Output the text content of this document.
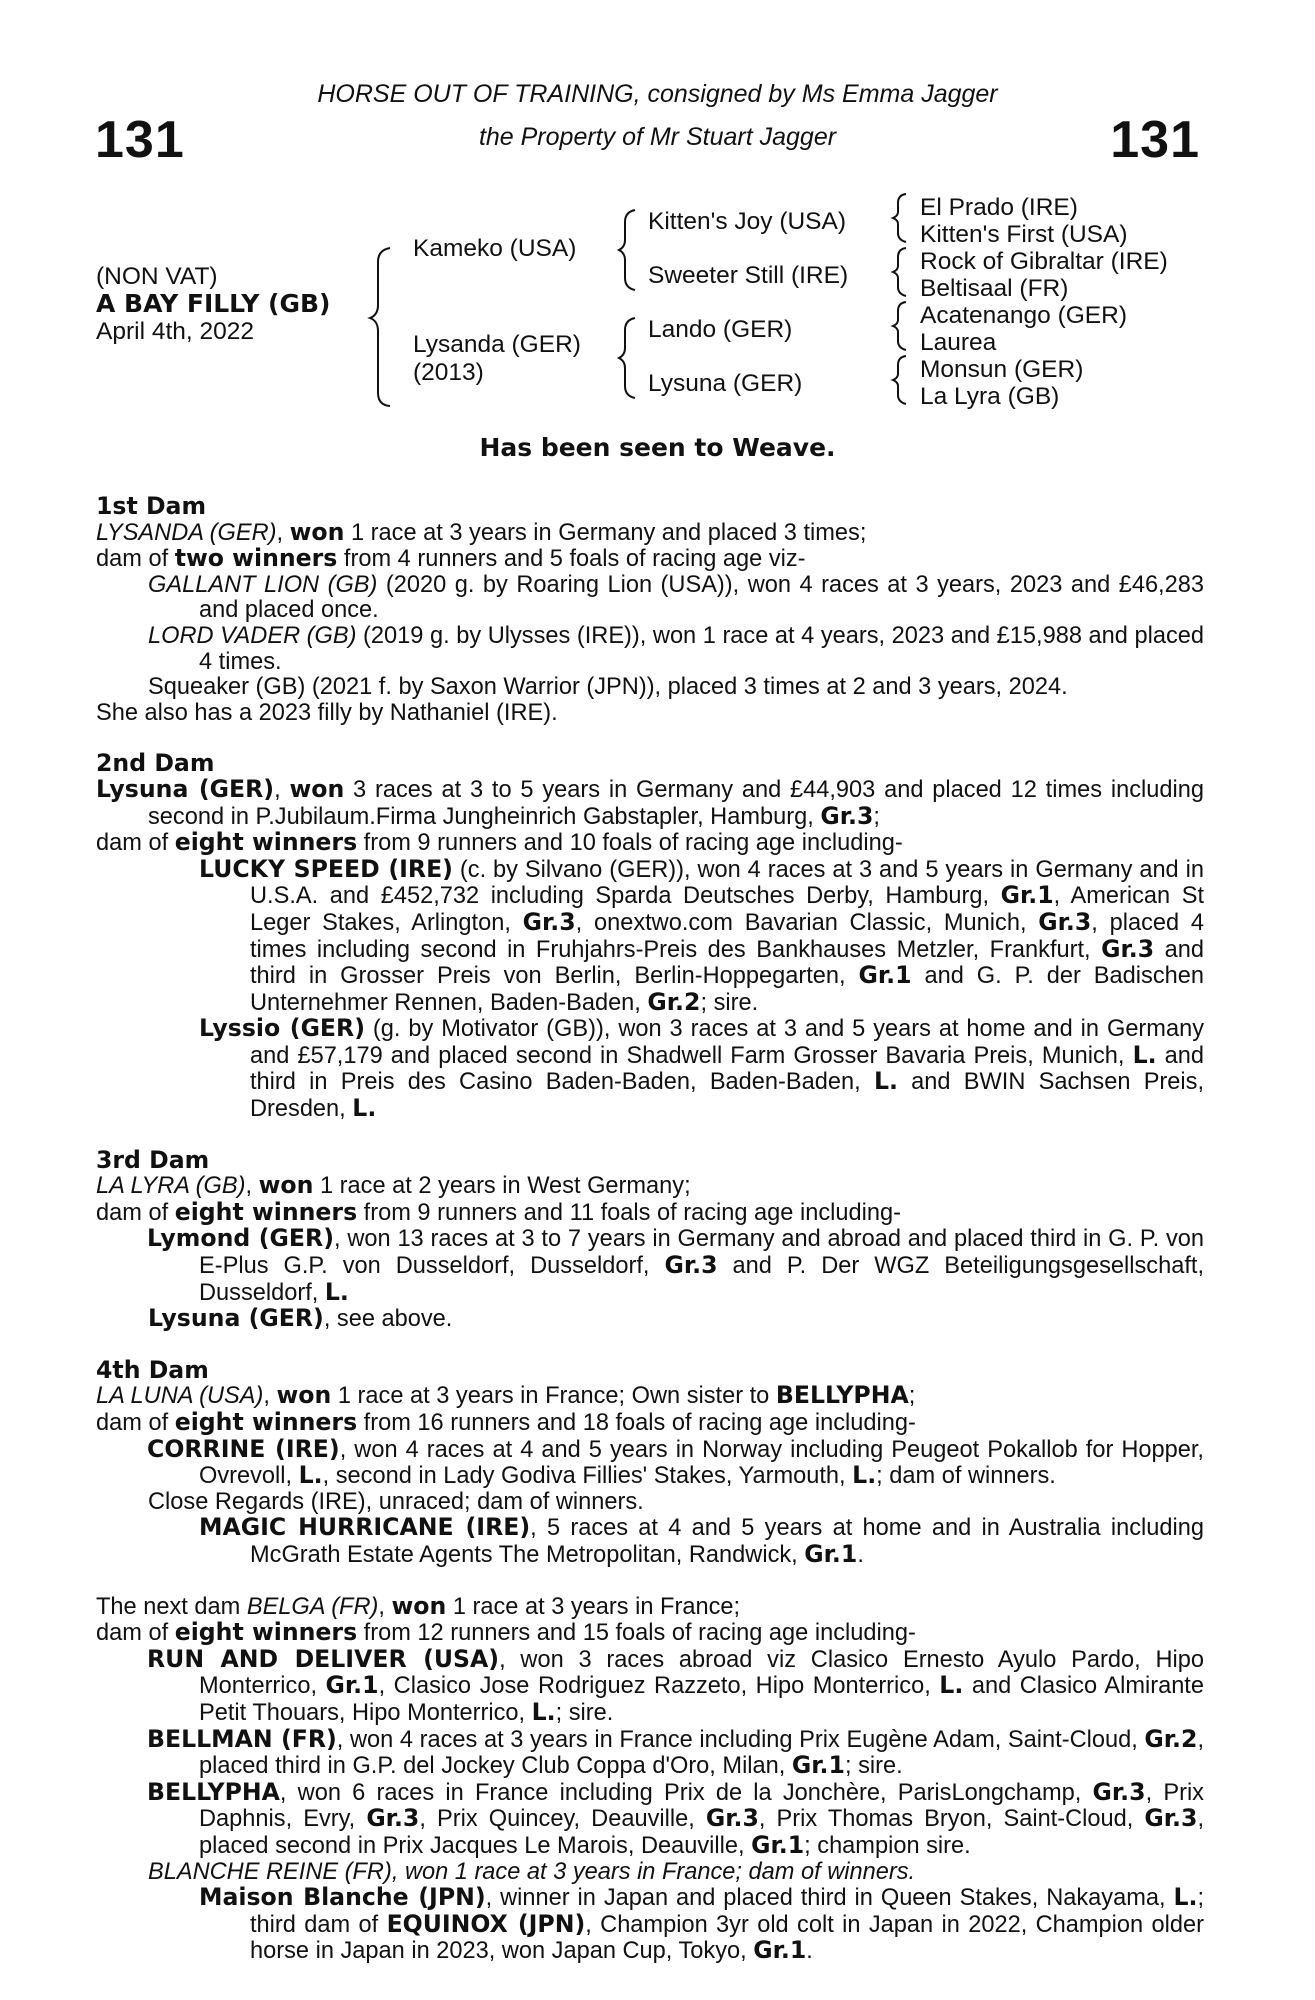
131	131
HORSE OUT OF TRAINING, consigned by Ms Emma Jagger
the Property of Mr Stuart Jagger
(NON VAT)
A BAY FILLY (GB)
April 4th, 2022
Kameko (USA)
Lysanda (GER)
(2013)
Kitten's Joy (USA)
Sweeter Still (IRE)
Lando (GER)
Lysuna (GER)
El Prado (IRE)
Kitten's First (USA)
Rock of Gibraltar (IRE)
Beltisaal (FR)
Acatenango (GER)
Laurea
Monsun (GER)
La Lyra (GB)
Has been seen to Weave.

1st Dam

LYSANDA (GER), won 1 race at 3 years in Germany and placed 3 times;

dam of two winners from 4 runners and 5 foals of racing age viz-

GALLANT LION (GB) (2020 g. by Roaring Lion (USA)), won 4 races at 3 years, 2023 and £46,283 and placed once.

LORD VADER (GB) (2019 g. by Ulysses (IRE)), won 1 race at 4 years, 2023 and £15,988 and placed 4 times.

Squeaker (GB) (2021 f. by Saxon Warrior (JPN)), placed 3 times at 2 and 3 years, 2024.

She also has a 2023 filly by Nathaniel (IRE).

2nd Dam

Lysuna (GER), won 3 races at 3 to 5 years in Germany and £44,903 and placed 12 times including second in P.Jubilaum.Firma Jungheinrich Gabstapler, Hamburg, Gr.3;

dam of eight winners from 9 runners and 10 foals of racing age including-

LUCKY SPEED (IRE) (c. by Silvano (GER)), won 4 races at 3 and 5 years in Germany and in U.S.A. and £452,732 including Sparda Deutsches Derby, Hamburg, Gr.1, American St Leger Stakes, Arlington, Gr.3, onextwo.com Bavarian Classic, Munich, Gr.3, placed 4 times including second in Fruhjahrs-Preis des Bankhauses Metzler, Frankfurt, Gr.3 and third in Grosser Preis von Berlin, Berlin-Hoppegarten, Gr.1 and G. P. der Badischen Unternehmer Rennen, Baden-Baden, Gr.2; sire.

Lyssio (GER) (g. by Motivator (GB)), won 3 races at 3 and 5 years at home and in Germany and £57,179 and placed second in Shadwell Farm Grosser Bavaria Preis, Munich, L. and third in Preis des Casino Baden-Baden, Baden-Baden, L. and BWIN Sachsen Preis, Dresden, L.

3rd Dam

LA LYRA (GB), won 1 race at 2 years in West Germany;

dam of eight winners from 9 runners and 11 foals of racing age including-

Lymond (GER), won 13 races at 3 to 7 years in Germany and abroad and placed third in G. P. von E-Plus G.P. von Dusseldorf, Dusseldorf, Gr.3 and P. Der WGZ Beteiligungsgesellschaft, Dusseldorf, L.

Lysuna (GER), see above.

4th Dam

LA LUNA (USA), won 1 race at 3 years in France; Own sister to BELLYPHA;

dam of eight winners from 16 runners and 18 foals of racing age including-

CORRINE (IRE), won 4 races at 4 and 5 years in Norway including Peugeot Pokallob for Hopper, Ovrevoll, L., second in Lady Godiva Fillies' Stakes, Yarmouth, L.; dam of winners.

Close Regards (IRE), unraced; dam of winners.

MAGIC HURRICANE (IRE), 5 races at 4 and 5 years at home and in Australia including McGrath Estate Agents The Metropolitan, Randwick, Gr.1.

The next dam BELGA (FR), won 1 race at 3 years in France;

dam of eight winners from 12 runners and 15 foals of racing age including-

RUN AND DELIVER (USA), won 3 races abroad viz Clasico Ernesto Ayulo Pardo, Hipo Monterrico, Gr.1, Clasico Jose Rodriguez Razzeto, Hipo Monterrico, L. and Clasico Almirante Petit Thouars, Hipo Monterrico, L.; sire.

BELLMAN (FR), won 4 races at 3 years in France including Prix Eugène Adam, Saint-Cloud, Gr.2, placed third in G.P. del Jockey Club Coppa d'Oro, Milan, Gr.1; sire.

BELLYPHA, won 6 races in France including Prix de la Jonchère, ParisLongchamp, Gr.3, Prix Daphnis, Evry, Gr.3, Prix Quincey, Deauville, Gr.3, Prix Thomas Bryon, Saint-Cloud, Gr.3, placed second in Prix Jacques Le Marois, Deauville, Gr.1; champion sire.

BLANCHE REINE (FR), won 1 race at 3 years in France; dam of winners.

Maison Blanche (JPN), winner in Japan and placed third in Queen Stakes, Nakayama, L.; third dam of EQUINOX (JPN), Champion 3yr old colt in Japan in 2022, Champion older horse in Japan in 2023, won Japan Cup, Tokyo, Gr.1.
